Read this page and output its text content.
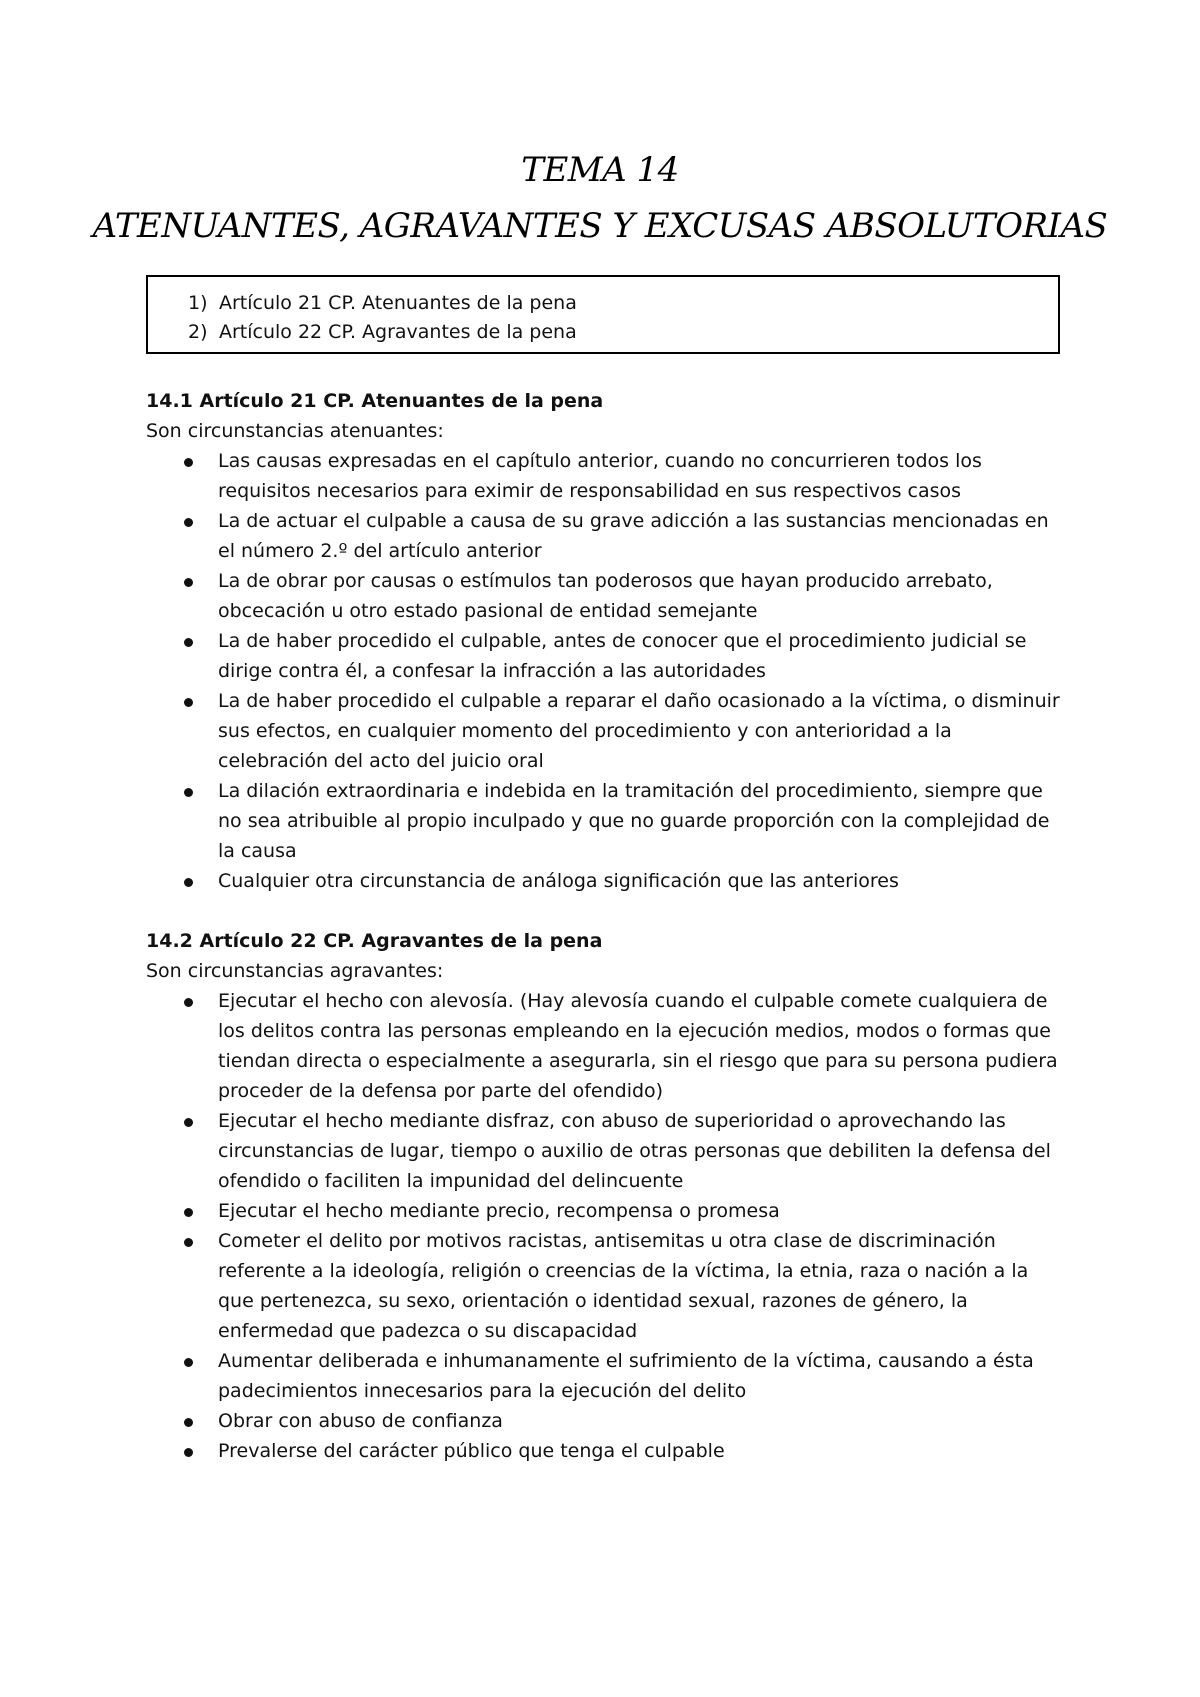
TEMA 14
ATENUANTES, AGRAVANTES Y EXCUSAS ABSOLUTORIAS
1) Artículo 21 CP. Atenuantes de la pena
2) Artículo 22 CP. Agravantes de la pena

14.1 Artículo 21 CP. Atenuantes de la pena

Son circunstancias atenuantes:

Las causas expresadas en el capítulo anterior, cuando no concurrieren todos los requisitos necesarios para eximir de responsabilidad en sus respectivos casos
La de actuar el culpable a causa de su grave adicción a las sustancias mencionadas en el número 2.º del artículo anterior
La de obrar por causas o estímulos tan poderosos que hayan producido arrebato, obcecación u otro estado pasional de entidad semejante
La de haber procedido el culpable, antes de conocer que el procedimiento judicial se dirige contra él, a confesar la infracción a las autoridades
La de haber procedido el culpable a reparar el daño ocasionado a la víctima, o disminuir sus efectos, en cualquier momento del procedimiento y con anterioridad a la celebración del acto del juicio oral
La dilación extraordinaria e indebida en la tramitación del procedimiento, siempre que no sea atribuible al propio inculpado y que no guarde proporción con la complejidad de la causa
Cualquier otra circunstancia de análoga significación que las anteriores

14.2 Artículo 22 CP. Agravantes de la pena

Son circunstancias agravantes:

Ejecutar el hecho con alevosía. (Hay alevosía cuando el culpable comete cualquiera de los delitos contra las personas empleando en la ejecución medios, modos o formas que tiendan directa o especialmente a asegurarla, sin el riesgo que para su persona pudiera proceder de la defensa por parte del ofendido)
Ejecutar el hecho mediante disfraz, con abuso de superioridad o aprovechando las circunstancias de lugar, tiempo o auxilio de otras personas que debiliten la defensa del ofendido o faciliten la impunidad del delincuente
Ejecutar el hecho mediante precio, recompensa o promesa
Cometer el delito por motivos racistas, antisemitas u otra clase de discriminación referente a la ideología, religión o creencias de la víctima, la etnia, raza o nación a la que pertenezca, su sexo, orientación o identidad sexual, razones de género, la enfermedad que padezca o su discapacidad
Aumentar deliberada e inhumanamente el sufrimiento de la víctima, causando a ésta padecimientos innecesarios para la ejecución del delito
Obrar con abuso de confianza
Prevalerse del carácter público que tenga el culpable
